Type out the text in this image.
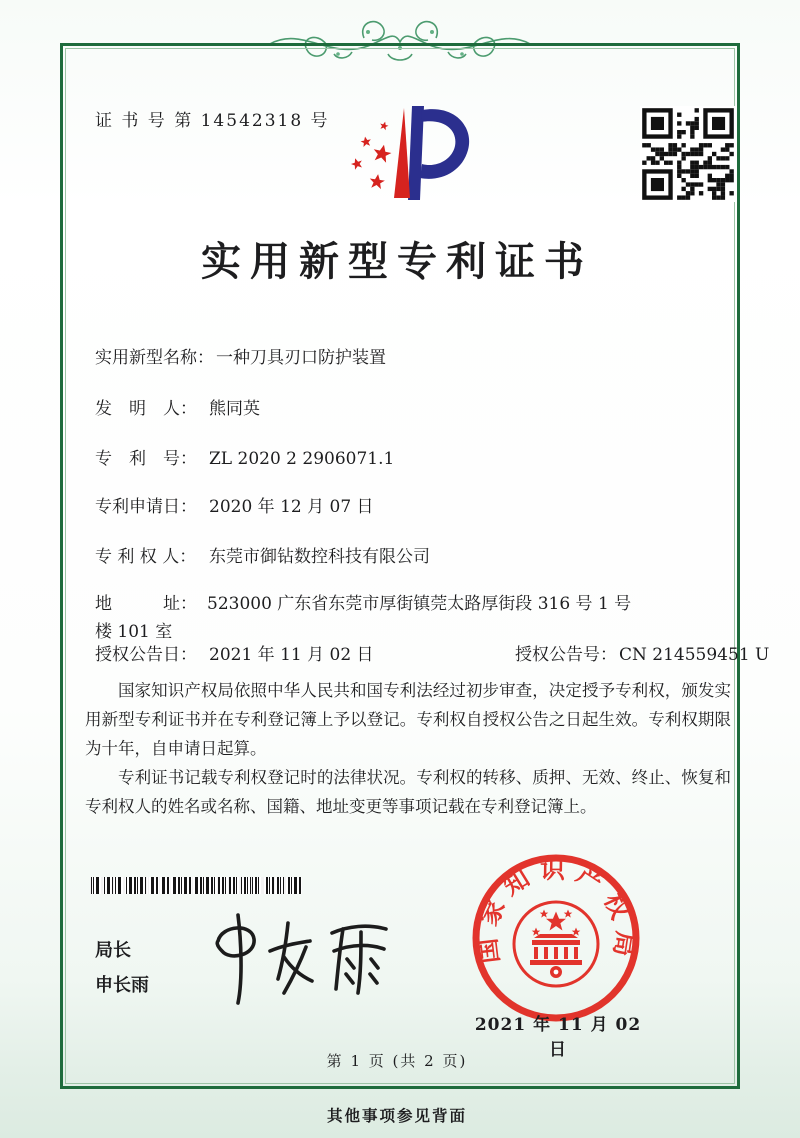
证 书 号 第 14542318 号
实用新型专利证书
实用新型名称： 一种刀具刃口防护装置
发　明　人： 熊同英
专　利　号： ZL 2020 2 2906071.1
专利申请日： 2020 年 12 月 07 日
专 利 权 人： 东莞市御钻数控科技有限公司
地　　　址： 523000 广东省东莞市厚街镇莞太路厚街段 316 号 1 号楼 101 室
授权公告日： 2021 年 11 月 02 日	授权公告号： CN 214559451 U

国家知识产权局依照中华人民共和国专利法经过初步审查，决定授予专利权，颁发实用新型专利证书并在专利登记簿上予以登记。专利权自授权公告之日起生效。专利权期限为十年，自申请日起算。

专利证书记载专利权登记时的法律状况。专利权的转移、质押、无效、终止、恢复和专利权人的姓名或名称、国籍、地址变更等事项记载在专利登记簿上。

局长
申长雨
国家知识产权局
2021 年 11 月 02 日
第 1 页 (共 2 页)
其他事项参见背面
